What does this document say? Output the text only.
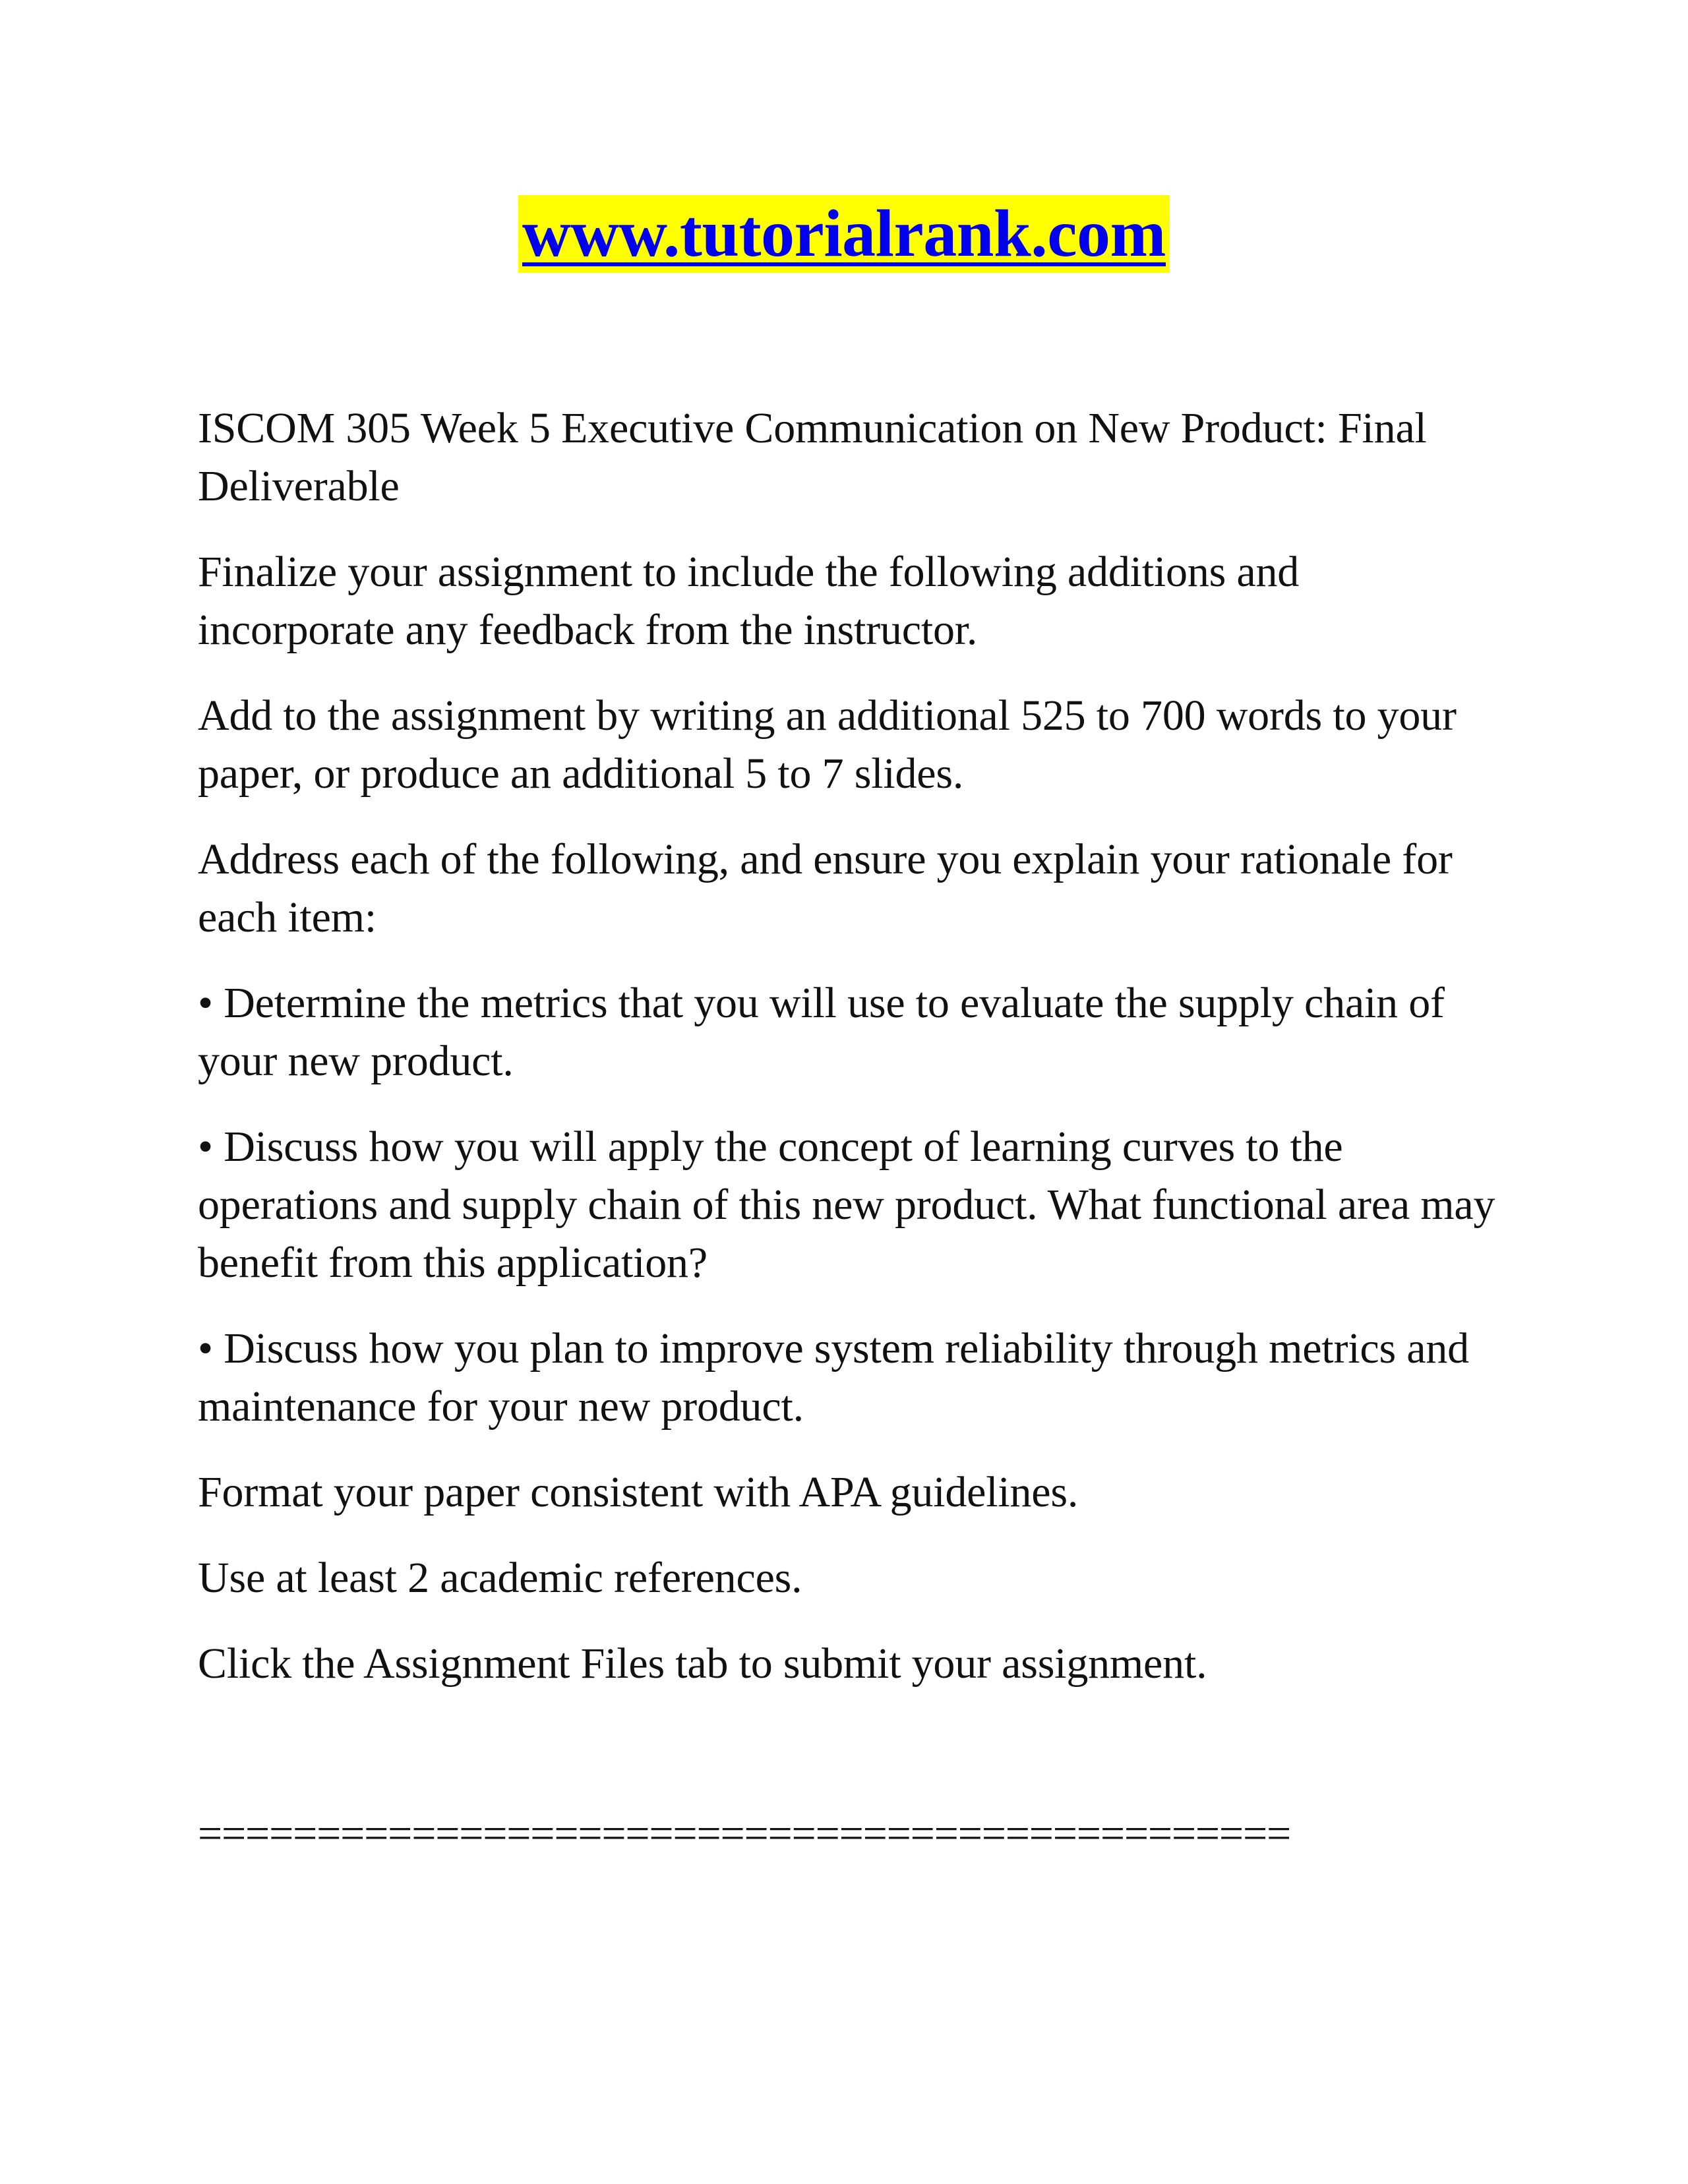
www.tutorialrank.com

ISCOM 305 Week 5 Executive Communication on New Product: Final Deliverable

Finalize your assignment to include the following additions and incorporate any feedback from the instructor.

Add to the assignment by writing an additional 525 to 700 words to your paper, or produce an additional 5 to 7 slides.

Address each of the following, and ensure you explain your rationale for each item:

• Determine the metrics that you will use to evaluate the supply chain of your new product.

• Discuss how you will apply the concept of learning curves to the operations and supply chain of this new product. What functional area may benefit from this application?

• Discuss how you plan to improve system reliability through metrics and maintenance for your new product.

Format your paper consistent with APA guidelines.

Use at least 2 academic references.

Click the Assignment Files tab to submit your assignment.

==============================================
